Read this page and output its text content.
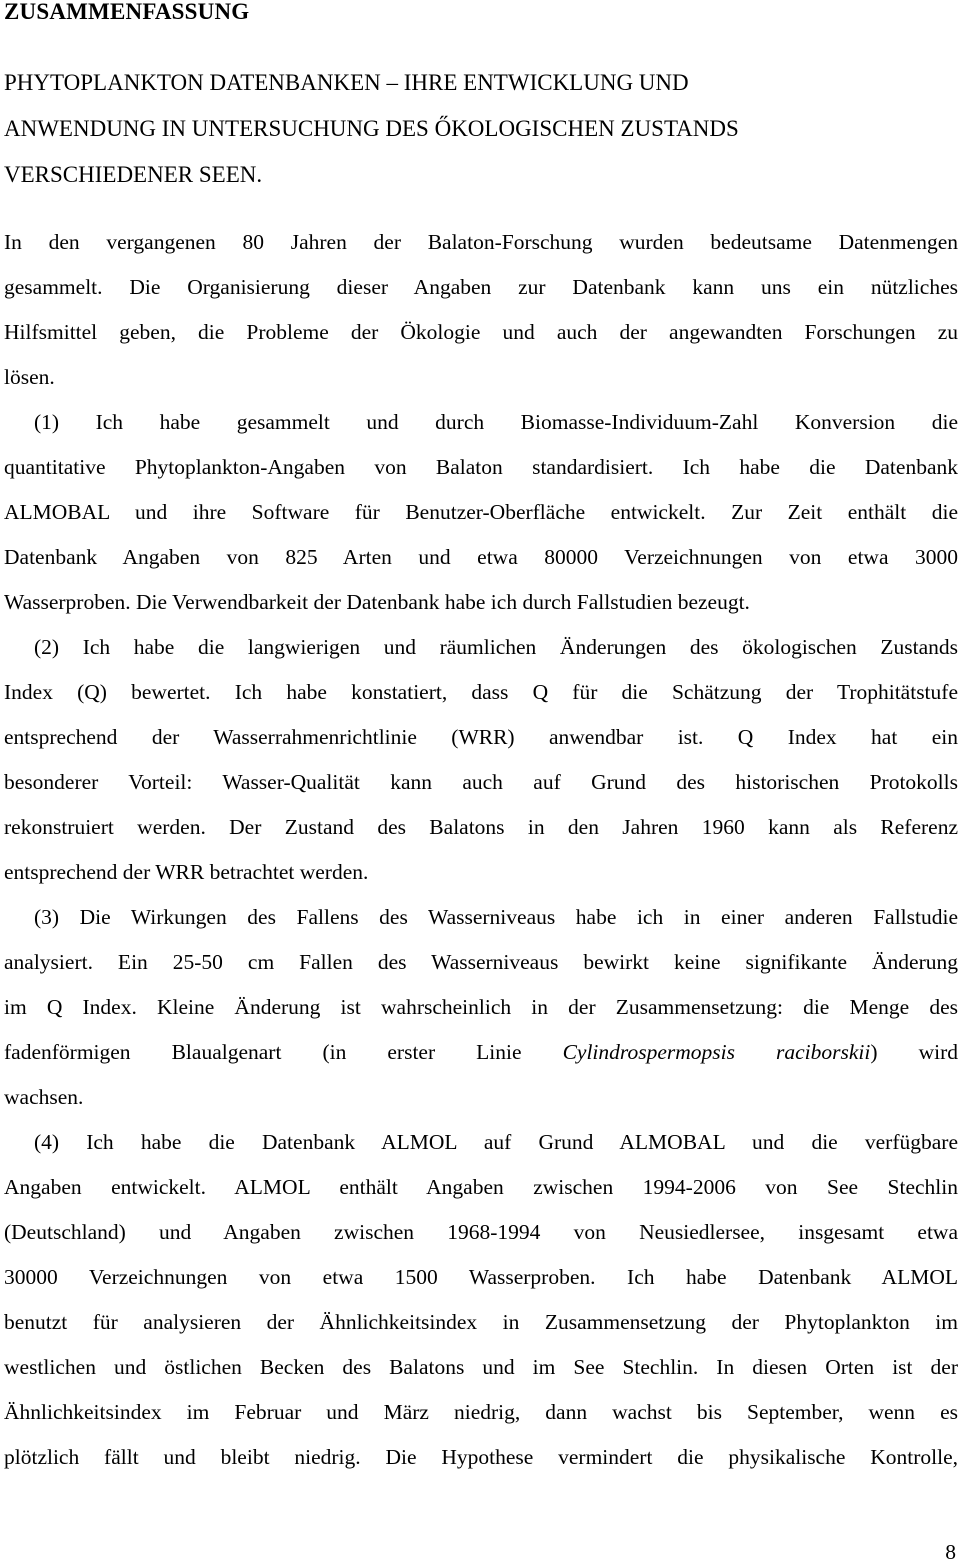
ZUSAMMENFASSUNG
PHYTOPLANKTON DATENBANKEN – IHRE ENTWICKLUNG UND
ANWENDUNG IN UNTERSUCHUNG DES ŐKOLOGISCHEN ZUSTANDS
VERSCHIEDENER SEEN.
In den vergangenen 80 Jahren der Balaton-Forschung wurden bedeutsame Datenmengen
gesammelt. Die Organisierung dieser Angaben zur Datenbank kann uns ein nützliches
Hilfsmittel geben, die Probleme der Ökologie und auch der angewandten Forschungen zu
lösen.
(1) Ich habe gesammelt und durch Biomasse-Individuum-Zahl Konversion die
quantitative Phytoplankton-Angaben von Balaton standardisiert. Ich habe die Datenbank
ALMOBAL und ihre Software für Benutzer-Oberfläche entwickelt. Zur Zeit enthält die
Datenbank Angaben von 825 Arten und etwa 80000 Verzeichnungen von etwa 3000
Wasserproben. Die Verwendbarkeit der Datenbank habe ich durch Fallstudien bezeugt.
(2) Ich habe die langwierigen und räumlichen Änderungen des ökologischen Zustands
Index (Q) bewertet. Ich habe konstatiert, dass Q für die Schätzung der Trophitätstufe
entsprechend der Wasserrahmenrichtlinie (WRR) anwendbar ist. Q Index hat ein
besonderer Vorteil: Wasser-Qualität kann auch auf Grund des historischen Protokolls
rekonstruiert werden. Der Zustand des Balatons in den Jahren 1960 kann als Referenz
entsprechend der WRR betrachtet werden.
(3) Die Wirkungen des Fallens des Wasserniveaus habe ich in einer anderen Fallstudie
analysiert. Ein 25-50 cm Fallen des Wasserniveaus bewirkt keine signifikante Änderung
im Q Index. Kleine Änderung ist wahrscheinlich in der Zusammensetzung: die Menge des
fadenförmigen Blaualgenart (in erster Linie Cylindrospermopsis raciborskii) wird
wachsen.
(4) Ich habe die Datenbank ALMOL auf Grund ALMOBAL und die verfügbare
Angaben entwickelt. ALMOL enthält Angaben zwischen 1994-2006 von See Stechlin
(Deutschland) und Angaben zwischen 1968-1994 von Neusiedlersee, insgesamt etwa
30000 Verzeichnungen von etwa 1500 Wasserproben. Ich habe Datenbank ALMOL
benutzt für analysieren der Ähnlichkeitsindex in Zusammensetzung der Phytoplankton im
westlichen und östlichen Becken des Balatons und im See Stechlin. In diesen Orten ist der
Ähnlichkeitsindex im Februar und März niedrig, dann wachst bis September, wenn es
plötzlich fällt und bleibt niedrig. Die Hypothese vermindert die physikalische Kontrolle,
8
